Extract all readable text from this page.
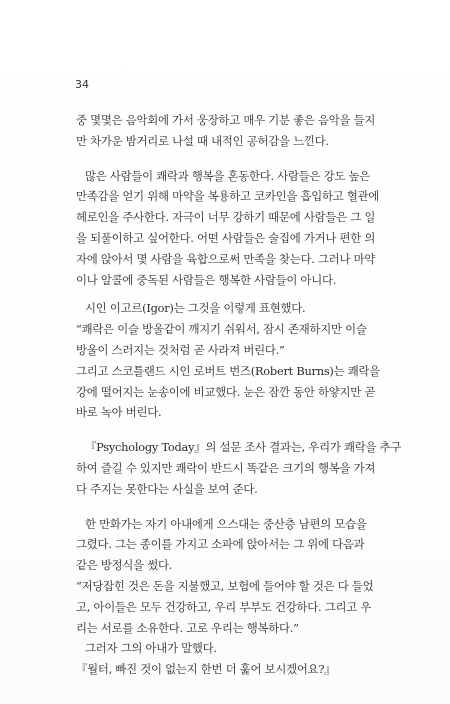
34
중 몇몇은 음악회에 가서 웅장하고 매우 기분 좋은 음악을 들지
만 차가운 밤거리로 나설 때 내적인 공허감을 느낀다.
많은 사람들이 쾌락과 행복을 혼동한다. 사람들은 강도 높은
만족감을 얻기 위해 마약을 복용하고 코카인을 흡입하고 혈관에
헤로인을 주사한다. 자극이 너무 강하기 때문에 사람들은 그 일
을 되풀이하고 싶어한다. 어떤 사람들은 술집에 가거나 편한 의
자에 앉아서 몇 사람을 육합으로써 만족을 찾는다. 그러나 마약
이나 알콜에 중독된 사람들은 행복한 사람들이 아니다.
시인 이고르(Igor)는 그것을 이렇게 표현했다.
“쾌락은 이슬 방울같이 깨지기 쉬워서, 잠시 존재하지만 이슬
방울이 스러지는 것처럼 곧 사라져 버린다.”
그리고 스코틀랜드 시인 로버트 번즈(Robert Burns)는 쾌락을
강에 떨어지는 눈송이에 비교했다. 눈은 잠깐 동안 하얗지만 곧
바로 녹아 버린다.
『Psychology Today』의 설문 조사 결과는, 우리가 쾌락을 추구
하여 즐길 수 있지만 쾌락이 반드시 똑같은 크기의 행복을 가져
다 주지는 못한다는 사실을 보여 준다.
한 만화가는 자기 아내에게 으스대는 중산층 남편의 모습을
그렸다. 그는 종이를 가지고 소파에 앉아서는 그 위에 다음과
같은 방정식을 썼다.
“저당잡힌 것은 돈을 지불했고, 보험에 들어야 할 것은 다 들었
고, 아이들은 모두 건강하고, 우리 부부도 건강하다. 그리고 우
리는 서로를 소유한다. 고로 우리는 행복하다.”
그러자 그의 아내가 말했다.
『월터, 빠진 것이 없는지 한번 더 훑어 보시겠어요?』
